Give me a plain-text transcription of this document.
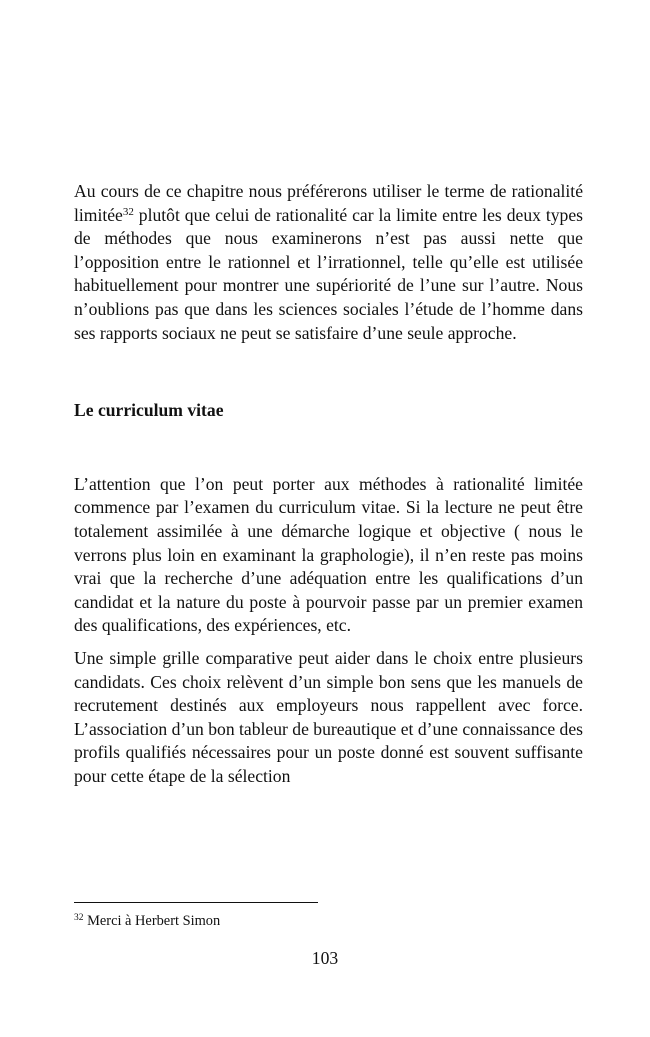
Au cours de ce chapitre nous préférerons utiliser le terme de rationalité limitée$^{32}$ plutôt que celui de rationalité car la limite entre les deux types de méthodes que nous examinerons n’est pas aussi nette que l’opposition entre le rationnel et l’irrationnel, telle qu’elle est utilisée habituellement pour montrer une supériorité de l’une sur l’autre. Nous n’oublions pas que dans les sciences sociales l’étude de l’homme dans ses rapports sociaux ne peut se satisfaire d’une seule approche.

Le curriculum vitae

L’attention que l’on peut porter aux méthodes à rationalité limitée commence par l’examen du curriculum vitae. Si la lecture ne peut être totalement assimilée à une démarche logique et objective ( nous le verrons plus loin en examinant la graphologie), il n’en reste pas moins vrai que la recherche d’une adéquation entre les qualifications d’un candidat et la nature du poste à pourvoir passe par un premier examen des qualifications, des expériences, etc.

Une simple grille comparative peut aider dans le choix entre plusieurs candidats. Ces choix relèvent d’un simple bon sens que les manuels de recrutement destinés aux employeurs nous rappellent avec force. L’association d’un bon tableur de bureautique et d’une connaissance des profils qualifiés nécessaires pour un poste donné est souvent suffisante pour cette étape de la sélection

$^{32}$ Merci à Herbert Simon

103
